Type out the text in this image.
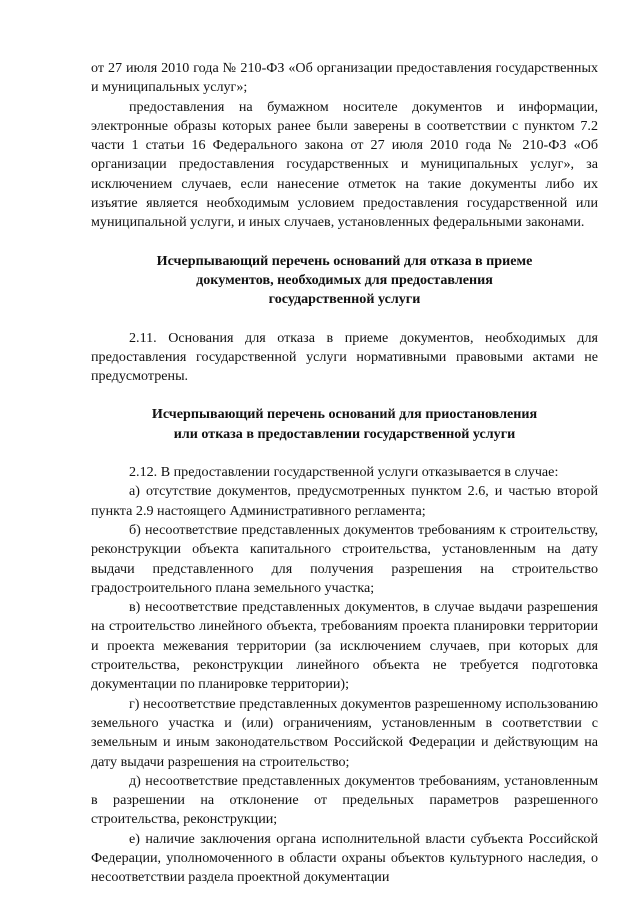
от 27 июля 2010 года № 210-ФЗ «Об организации предоставления государственных и муниципальных услуг»;

предоставления на бумажном носителе документов и информации, электронные образы которых ранее были заверены в соответствии с пунктом 7.2 части 1 статьи 16 Федерального закона от 27 июля 2010 года № 210-ФЗ «Об организации предоставления государственных и муниципальных услуг», за исключением случаев, если нанесение отметок на такие документы либо их изъятие является необходимым условием предоставления государственной или муниципальной услуги, и иных случаев, установленных федеральными законами.

Исчерпывающий перечень оснований для отказа в приеме

документов, необходимых для предоставления

государственной услуги

2.11. Основания для отказа в приеме документов, необходимых для предоставления государственной услуги нормативными правовыми актами не предусмотрены.

Исчерпывающий перечень оснований для приостановления

или отказа в предоставлении государственной услуги

2.12. В предоставлении государственной услуги отказывается в случае:

а) отсутствие документов, предусмотренных пунктом 2.6, и частью второй пункта 2.9 настоящего Административного регламента;

б) несоответствие представленных документов требованиям к строительству, реконструкции объекта капитального строительства, установленным на дату выдачи представленного для получения разрешения на строительство градостроительного плана земельного участка;

в) несоответствие представленных документов, в случае выдачи разрешения на строительство линейного объекта, требованиям проекта планировки территории и проекта межевания территории (за исключением случаев, при которых для строительства, реконструкции линейного объекта не требуется подготовка документации по планировке территории);

г) несоответствие представленных документов разрешенному использованию земельного участка и (или) ограничениям, установленным в соответствии с земельным и иным законодательством Российской Федерации и действующим на дату выдачи разрешения на строительство;

д) несоответствие представленных документов требованиям, установленным в разрешении на отклонение от предельных параметров разрешенного строительства, реконструкции;

е) наличие заключения органа исполнительной власти субъекта Российской Федерации, уполномоченного в области охраны объектов культурного наследия, о несоответствии раздела проектной документации
